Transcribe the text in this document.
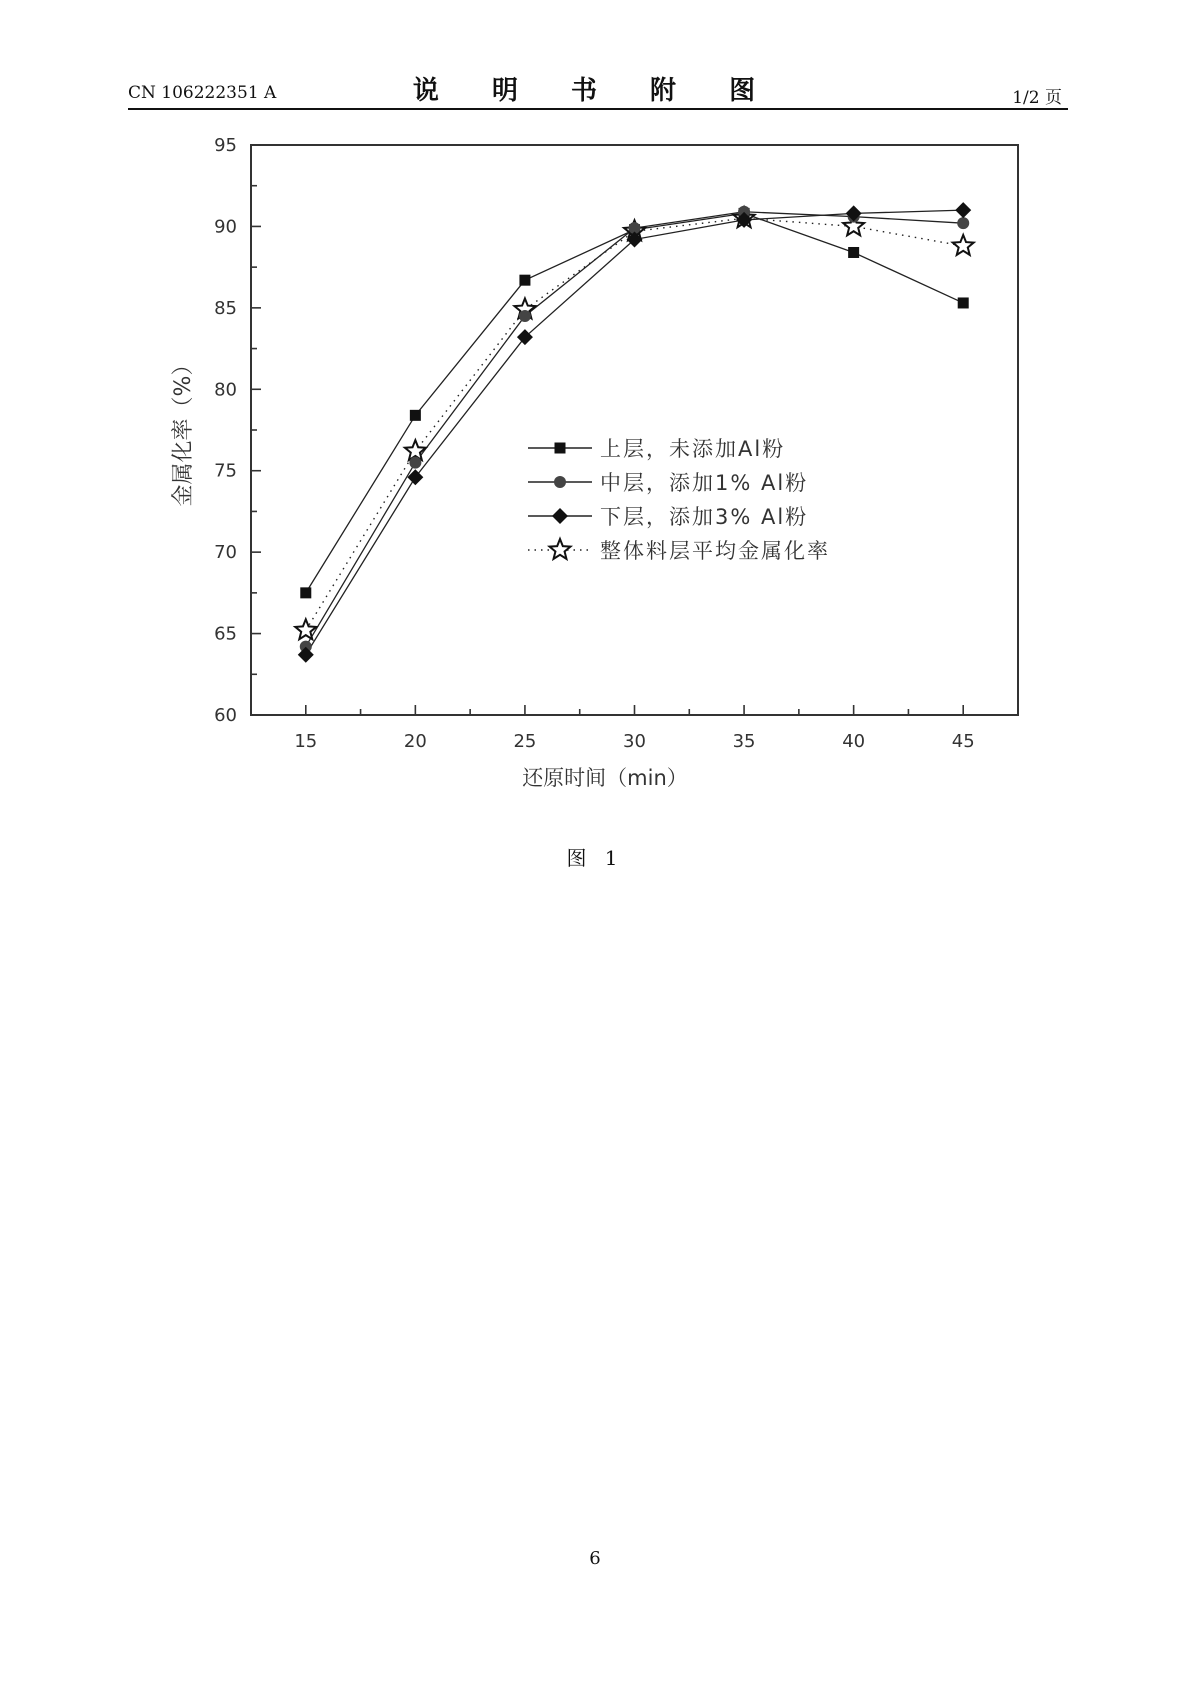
CN 106222351 A	说 明 书 附 图	1/2 页
15	20	25	30	35	40	45
60
65
70
75
80
85
90
95
还原时间（min）
金属化率（%）	上层，未添加Al粉
中层，添加1% Al粉
下层，添加3% Al粉
整体料层平均金属化率
图 1
6
